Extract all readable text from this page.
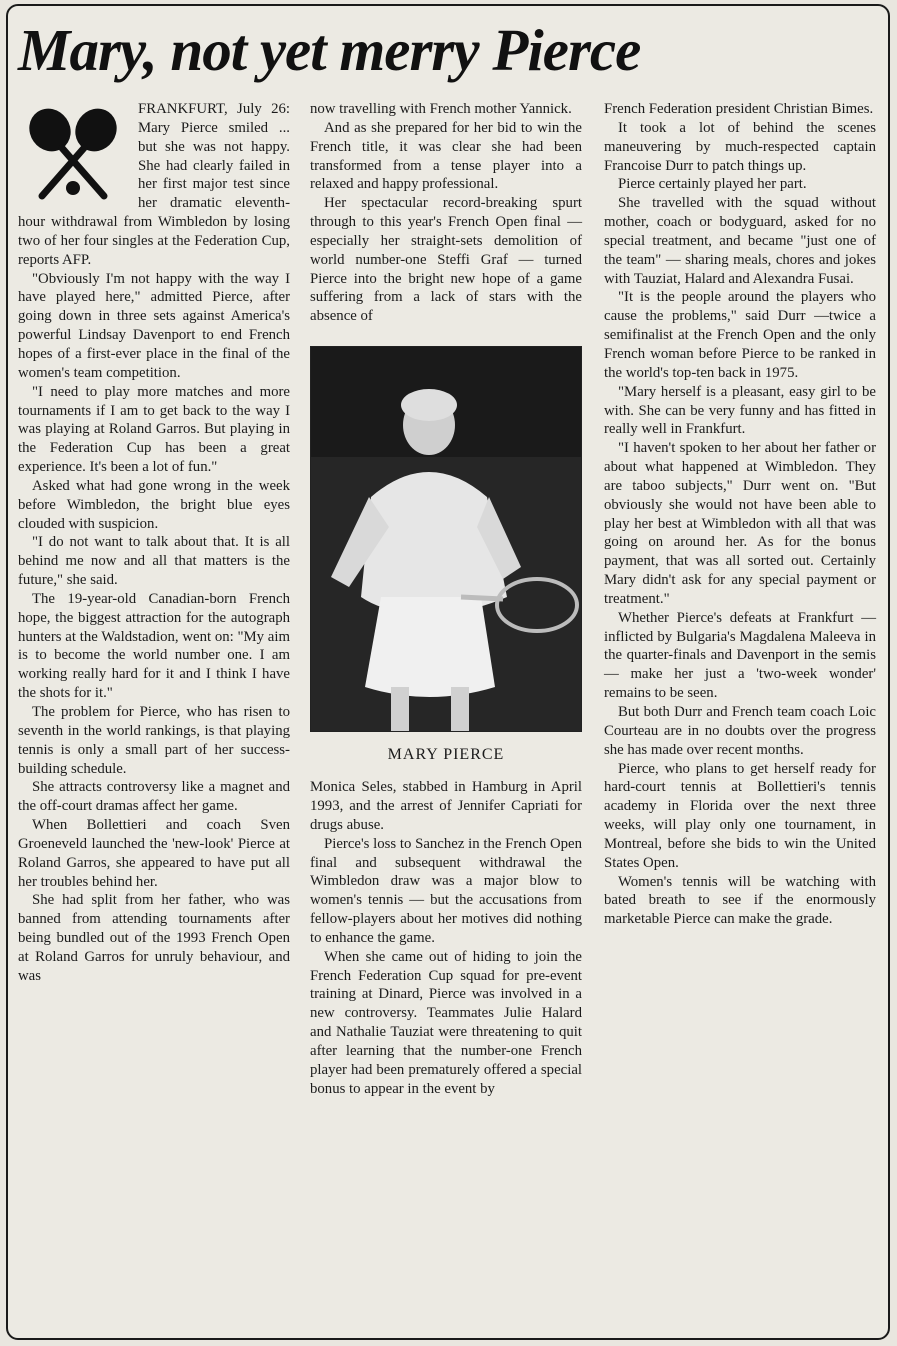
Mary, not yet merry Pierce

FRANKFURT, July 26: Mary Pierce smiled ... but she was not happy. She had clearly failed in her first major test since her dramatic eleventh-hour withdrawal from Wimbledon by losing two of her four singles at the Federation Cup, reports AFP.

"Obviously I'm not happy with the way I have played here," admitted Pierce, after going down in three sets against America's powerful Lindsay Davenport to end French hopes of a first-ever place in the final of the women's team competition.

"I need to play more matches and more tournaments if I am to get back to the way I was playing at Roland Garros. But playing in the Federation Cup has been a great experience. It's been a lot of fun."

Asked what had gone wrong in the week before Wimbledon, the bright blue eyes clouded with suspicion.

"I do not want to talk about that. It is all behind me now and all that matters is the future," she said.

The 19-year-old Canadian-born French hope, the biggest attraction for the autograph hunters at the Waldstadion, went on: "My aim is to become the world number one. I am working really hard for it and I think I have the shots for it."

The problem for Pierce, who has risen to seventh in the world rankings, is that playing tennis is only a small part of her success-building schedule.

She attracts controversy like a magnet and the off-court dramas affect her game.

When Bollettieri and coach Sven Groeneveld launched the 'new-look' Pierce at Roland Garros, she appeared to have put all her troubles behind her.

She had split from her father, who was banned from attending tournaments after being bundled out of the 1993 French Open at Roland Garros for unruly behaviour, and was

now travelling with French mother Yannick.

And as she prepared for her bid to win the French title, it was clear she had been transformed from a tense player into a relaxed and happy professional.

Her spectacular record-breaking spurt through to this year's French Open final — especially her straight-sets demolition of world number-one Steffi Graf — turned Pierce into the bright new hope of a game suffering from a lack of stars with the absence of

MARY PIERCE

Monica Seles, stabbed in Hamburg in April 1993, and the arrest of Jennifer Capriati for drugs abuse.

Pierce's loss to Sanchez in the French Open final and subsequent withdrawal the Wimbledon draw was a major blow to women's tennis — but the accusations from fellow-players about her motives did nothing to enhance the game.

When she came out of hiding to join the French Federation Cup squad for pre-event training at Dinard, Pierce was involved in a new controversy. Teammates Julie Halard and Nathalie Tauziat were threatening to quit after learning that the number-one French player had been prematurely offered a special bonus to appear in the event by

French Federation president Christian Bimes.

It took a lot of behind the scenes maneuvering by much-respected captain Francoise Durr to patch things up.

Pierce certainly played her part.

She travelled with the squad without mother, coach or bodyguard, asked for no special treatment, and became "just one of the team" — sharing meals, chores and jokes with Tauziat, Halard and Alexandra Fusai.

"It is the people around the players who cause the problems," said Durr —twice a semifinalist at the French Open and the only French woman before Pierce to be ranked in the world's top-ten back in 1975.

"Mary herself is a pleasant, easy girl to be with. She can be very funny and has fitted in really well in Frankfurt.

"I haven't spoken to her about her father or about what happened at Wimbledon. They are taboo subjects," Durr went on. "But obviously she would not have been able to play her best at Wimbledon with all that was going on around her. As for the bonus payment, that was all sorted out. Certainly Mary didn't ask for any special payment or treatment."

Whether Pierce's defeats at Frankfurt — inflicted by Bulgaria's Magdalena Maleeva in the quarter-finals and Davenport in the semis — make her just a 'two-week wonder' remains to be seen.

But both Durr and French team coach Loic Courteau are in no doubts over the progress she has made over recent months.

Pierce, who plans to get herself ready for hard-court tennis at Bollettieri's tennis academy in Florida over the next three weeks, will play only one tournament, in Montreal, before she bids to win the United States Open.

Women's tennis will be watching with bated breath to see if the enormously marketable Pierce can make the grade.
